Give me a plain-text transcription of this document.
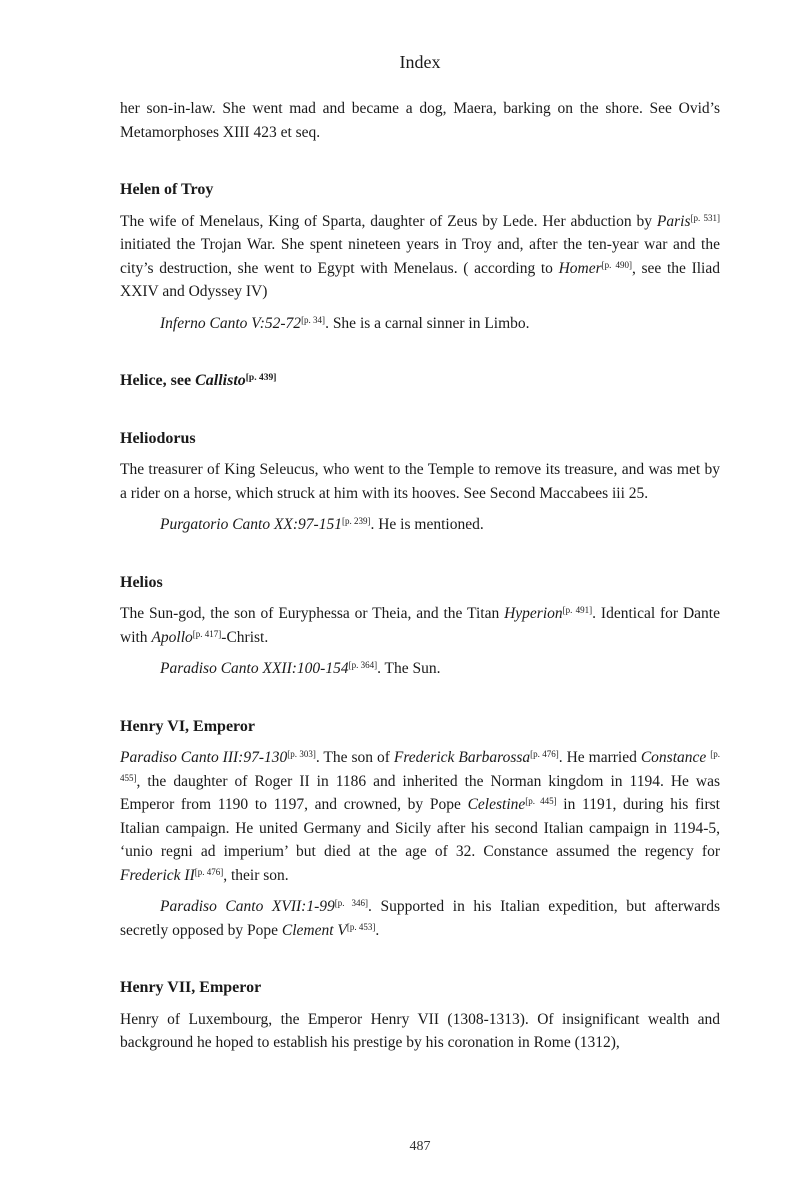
Index

her son-in-law. She went mad and became a dog, Maera, barking on the shore. See Ovid’s Metamorphoses XIII 423 et seq.

Helen of Troy

The wife of Menelaus, King of Sparta, daughter of Zeus by Lede. Her abduction by Paris[p. 531] initiated the Trojan War. She spent nineteen years in Troy and, after the ten-year war and the city’s destruction, she went to Egypt with Menelaus. ( according to Homer[p. 490], see the Iliad XXIV and Odyssey IV)

Inferno Canto V:52-72[p. 34]. She is a carnal sinner in Limbo.

Helice, see Callisto[p. 439]

Heliodorus

The treasurer of King Seleucus, who went to the Temple to remove its treasure, and was met by a rider on a horse, which struck at him with its hooves. See Second Maccabees iii 25.

Purgatorio Canto XX:97-151[p. 239]. He is mentioned.

Helios

The Sun-god, the son of Euryphessa or Theia, and the Titan Hyperion[p. 491]. Identical for Dante with Apollo[p. 417]-Christ.

Paradiso Canto XXII:100-154[p. 364]. The Sun.

Henry VI, Emperor

Paradiso Canto III:97-130[p. 303]. The son of Frederick Barbarossa[p. 476]. He married Constance [p. 455], the daughter of Roger II in 1186 and inherited the Norman kingdom in 1194. He was Emperor from 1190 to 1197, and crowned, by Pope Celestine[p. 445] in 1191, during his first Italian campaign. He united Germany and Sicily after his second Italian campaign in 1194-5, ‘unio regni ad imperium’ but died at the age of 32. Constance assumed the regency for Frederick II[p. 476], their son.

Paradiso Canto XVII:1-99[p. 346]. Supported in his Italian expedition, but afterwards secretly opposed by Pope Clement V[p. 453].

Henry VII, Emperor

Henry of Luxembourg, the Emperor Henry VII (1308-1313). Of insignificant wealth and background he hoped to establish his prestige by his coronation in Rome (1312),

487
